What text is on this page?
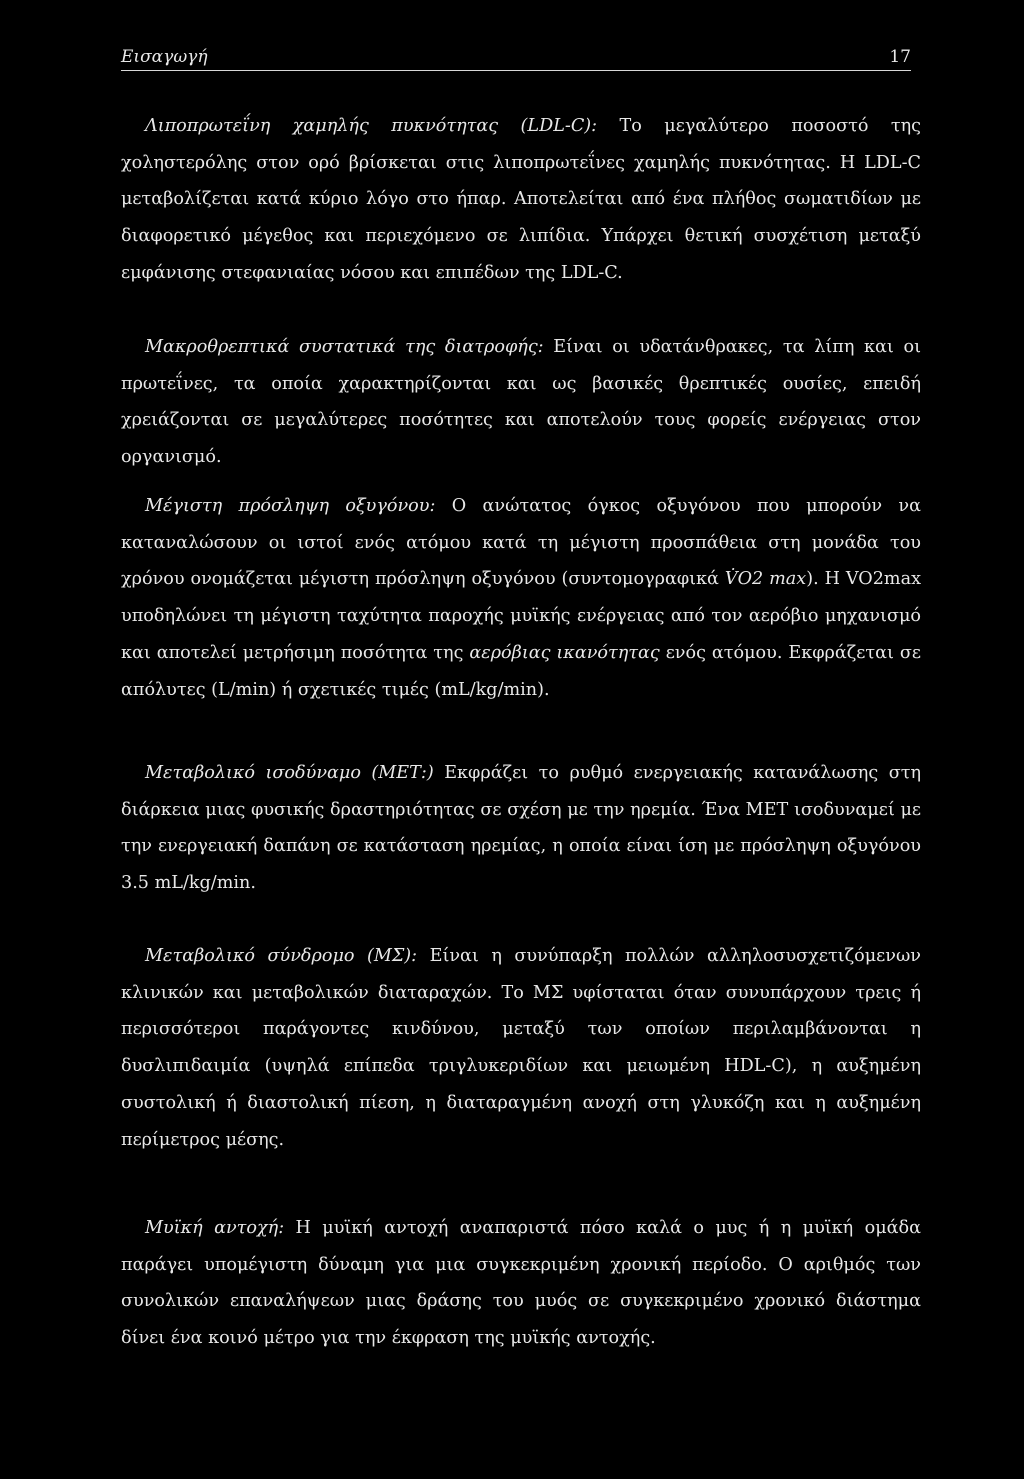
Εισαγωγή	17

Λιποπρωτεΐνη χαμηλής πυκνότητας (LDL-C): Το μεγαλύτερο ποσοστό της χοληστερόλης στον ορό βρίσκεται στις λιποπρωτεΐνες χαμηλής πυκνότητας. Η LDL-C μεταβολίζεται κατά κύριο λόγο στο ήπαρ. Αποτελείται από ένα πλήθος σωματιδίων με διαφορετικό μέγεθος και περιεχόμενο σε λιπίδια. Υπάρχει θετική συσχέτιση μεταξύ εμφάνισης στεφανιαίας νόσου και επιπέδων της LDL-C.

Μακροθρεπτικά συστατικά της διατροφής: Είναι οι υδατάνθρακες, τα λίπη και οι πρωτεΐνες, τα οποία χαρακτηρίζονται και ως βασικές θρεπτικές ουσίες, επειδή χρειάζονται σε μεγαλύτερες ποσότητες και αποτελούν τους φορείς ενέργειας στον οργανισμό.

Μέγιστη πρόσληψη οξυγόνου: Ο ανώτατος όγκος οξυγόνου που μπορούν να καταναλώσουν οι ιστοί ενός ατόμου κατά τη μέγιστη προσπάθεια στη μονάδα του χρόνου ονομάζεται μέγιστη πρόσληψη οξυγόνου (συντομογραφικά V̇O2 max). Η VO2max υποδηλώνει τη μέγιστη ταχύτητα παροχής μυϊκής ενέργειας από τον αερόβιο μηχανισμό και αποτελεί μετρήσιμη ποσότητα της αερόβιας ικανότητας ενός ατόμου. Εκφράζεται σε απόλυτες (L/min) ή σχετικές τιμές (mL/kg/min).

Μεταβολικό ισοδύναμο (ΜΕΤ:) Εκφράζει το ρυθμό ενεργειακής κατανάλωσης στη διάρκεια μιας φυσικής δραστηριότητας σε σχέση με την ηρεμία. Ένα ΜΕΤ ισοδυναμεί με την ενεργειακή δαπάνη σε κατάσταση ηρεμίας, η οποία είναι ίση με πρόσληψη οξυγόνου 3.5 mL/kg/min.

Μεταβολικό σύνδρομο (ΜΣ): Είναι η συνύπαρξη πολλών αλληλοσυσχετιζόμενων κλινικών και μεταβολικών διαταραχών. Το ΜΣ υφίσταται όταν συνυπάρχουν τρεις ή περισσότεροι παράγοντες κινδύνου, μεταξύ των οποίων περιλαμβάνονται η δυσλιπιδαιμία (υψηλά επίπεδα τριγλυκεριδίων και μειωμένη HDL-C), η αυξημένη συστολική ή διαστολική πίεση, η διαταραγμένη ανοχή στη γλυκόζη και η αυξημένη περίμετρος μέσης.

Μυϊκή αντοχή: Η μυϊκή αντοχή αναπαριστά πόσο καλά ο μυς ή η μυϊκή ομάδα παράγει υπομέγιστη δύναμη για μια συγκεκριμένη χρονική περίοδο. Ο αριθμός των συνολικών επαναλήψεων μιας δράσης του μυός σε συγκεκριμένο χρονικό διάστημα δίνει ένα κοινό μέτρο για την έκφραση της μυϊκής αντοχής.
